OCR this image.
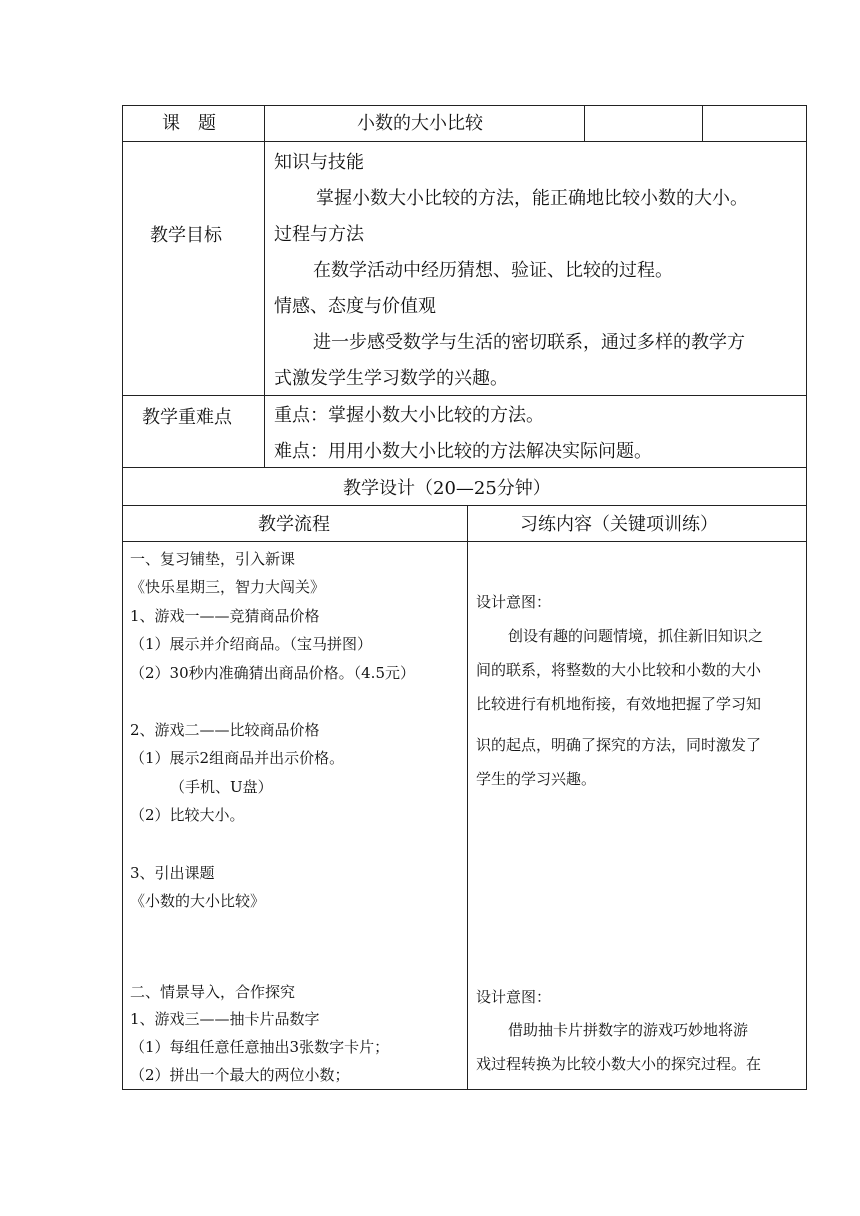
课　题	小数的大小比较
教学目标
知识与技能
掌握小数大小比较的方法，能正确地比较小数的大小。
过程与方法
在数学活动中经历猜想、验证、比较的过程。
情感、态度与价值观
进一步感受数学与生活的密切联系，通过多样的教学方
式激发学生学习数学的兴趣。
教学重难点 重点：掌握小数大小比较的方法。
难点：用用小数大小比较的方法解决实际问题。
教学设计（20—25分钟）
教学流程	习练内容（关键项训练）
一、复习铺垫，引入新课
《快乐星期三，智力大闯关》
1、游戏一——竞猜商品价格
（1）展示并介绍商品。（宝马拼图）
（2）30秒内准确猜出商品价格。（4.5元）
2、游戏二——比较商品价格
（1）展示2组商品并出示价格。
（手机、U盘）
（2）比较大小。
3、引出课题
《小数的大小比较》
二、情景导入，合作探究
1、游戏三——抽卡片品数字
（1）每组任意任意抽出3张数字卡片；
（2）拼出一个最大的两位小数；
设计意图：
创设有趣的问题情境，抓住新旧知识之
间的联系，将整数的大小比较和小数的大小
比较进行有机地衔接，有效地把握了学习知
识的起点，明确了探究的方法，同时激发了
学生的学习兴趣。
设计意图：
借助抽卡片拼数字的游戏巧妙地将游
戏过程转换为比较小数大小的探究过程。在
